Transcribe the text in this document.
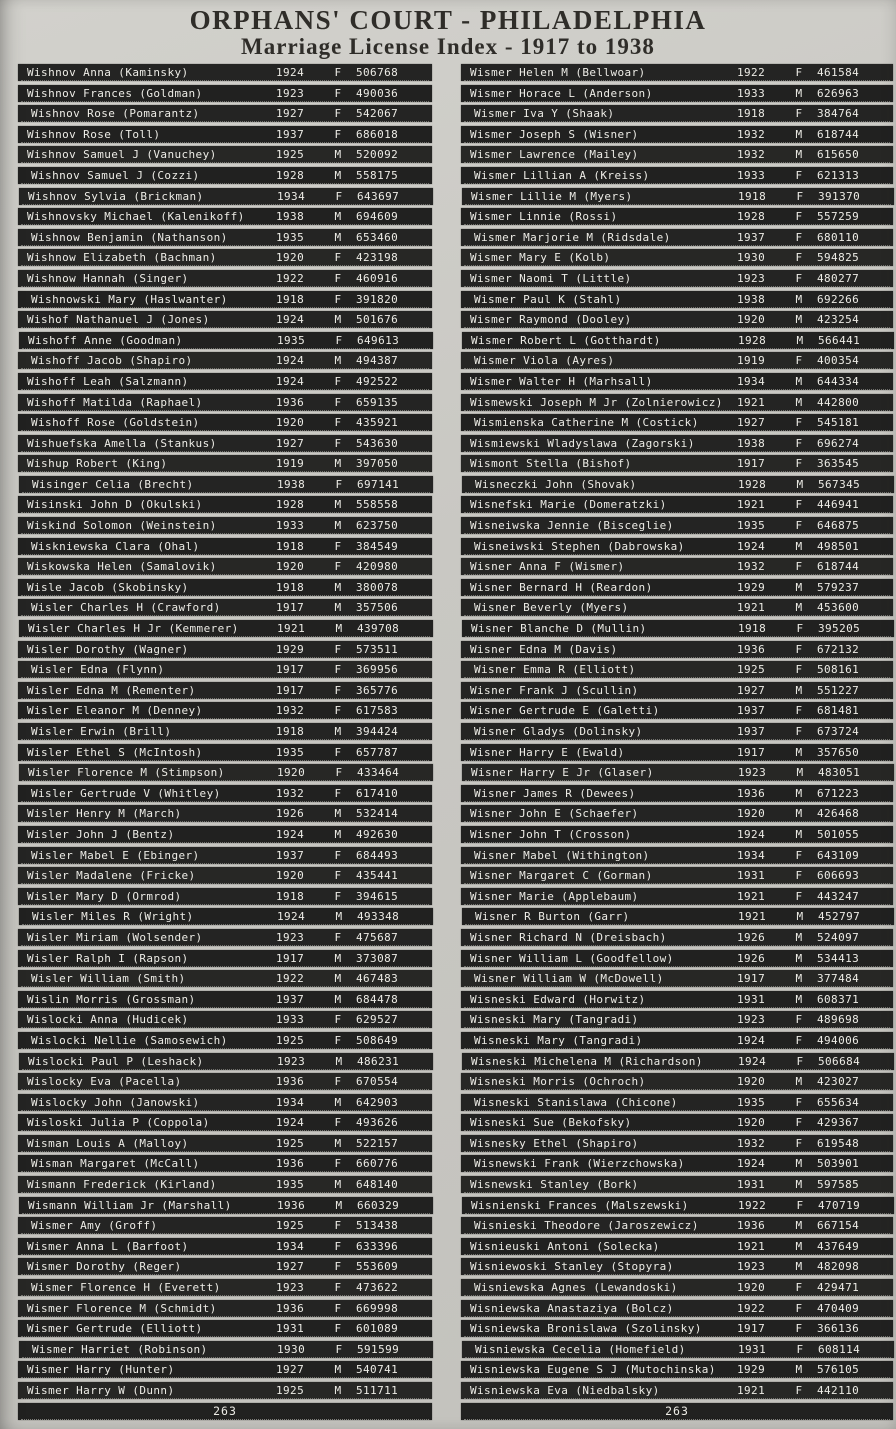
ORPHANS' COURT - PHILADELPHIA
Marriage License Index - 1917 to 1938
Wishnov Anna (Kaminsky)	1924	F	506768
Wishnov Frances (Goldman)	1923	F	490036
Wishnov Rose (Pomarantz)	1927	F	542067
Wishnov Rose (Toll)	1937	F	686018
Wishnov Samuel J (Vanuchey)	1925	M	520092
Wishnov Samuel J (Cozzi)	1928	M	558175
Wishnov Sylvia (Brickman)	1934	F	643697
Wishnovsky Michael (Kalenikoff)	1938	M	694609
Wishnow Benjamin (Nathanson)	1935	M	653460
Wishnow Elizabeth (Bachman)	1920	F	423198
Wishnow Hannah (Singer)	1922	F	460916
Wishnowski Mary (Haslwanter)	1918	F	391820
Wishof Nathanuel J (Jones)	1924	M	501676
Wishoff Anne (Goodman)	1935	F	649613
Wishoff Jacob (Shapiro)	1924	M	494387
Wishoff Leah (Salzmann)	1924	F	492522
Wishoff Matilda (Raphael)	1936	F	659135
Wishoff Rose (Goldstein)	1920	F	435921
Wishuefska Amella (Stankus)	1927	F	543630
Wishup Robert (King)	1919	M	397050
Wisinger Celia (Brecht)	1938	F	697141
Wisinski John D (Okulski)	1928	M	558558
Wiskind Solomon (Weinstein)	1933	M	623750
Wiskniewska Clara (Ohal)	1918	F	384549
Wiskowska Helen (Samalovik)	1920	F	420980
Wisle Jacob (Skobinsky)	1918	M	380078
Wisler Charles H (Crawford)	1917	M	357506
Wisler Charles H Jr (Kemmerer)	1921	M	439708
Wisler Dorothy (Wagner)	1929	F	573511
Wisler Edna (Flynn)	1917	F	369956
Wisler Edna M (Rementer)	1917	F	365776
Wisler Eleanor M (Denney)	1932	F	617583
Wisler Erwin (Brill)	1918	M	394424
Wisler Ethel S (McIntosh)	1935	F	657787
Wisler Florence M (Stimpson)	1920	F	433464
Wisler Gertrude V (Whitley)	1932	F	617410
Wisler Henry M (March)	1926	M	532414
Wisler John J (Bentz)	1924	M	492630
Wisler Mabel E (Ebinger)	1937	F	684493
Wisler Madalene (Fricke)	1920	F	435441
Wisler Mary D (Ormrod)	1918	F	394615
Wisler Miles R (Wright)	1924	M	493348
Wisler Miriam (Wolsender)	1923	F	475687
Wisler Ralph I (Rapson)	1917	M	373087
Wisler William (Smith)	1922	M	467483
Wislin Morris (Grossman)	1937	M	684478
Wislocki Anna (Hudicek)	1933	F	629527
Wislocki Nellie (Samosewich)	1925	F	508649
Wislocki Paul P (Leshack)	1923	M	486231
Wislocky Eva (Pacella)	1936	F	670554
Wislocky John (Janowski)	1934	M	642903
Wisloski Julia P (Coppola)	1924	F	493626
Wisman Louis A (Malloy)	1925	M	522157
Wisman Margaret (McCall)	1936	F	660776
Wismann Frederick (Kirland)	1935	M	648140
Wismann William Jr (Marshall)	1936	M	660329
Wismer Amy (Groff)	1925	F	513438
Wismer Anna L (Barfoot)	1934	F	633396
Wismer Dorothy (Reger)	1927	F	553609
Wismer Florence H (Everett)	1923	F	473622
Wismer Florence M (Schmidt)	1936	F	669998
Wismer Gertrude (Elliott)	1931	F	601089
Wismer Harriet (Robinson)	1930	F	591599
Wismer Harry (Hunter)	1927	M	540741
Wismer Harry W (Dunn)	1925	M	511711
263
Wismer Helen M (Bellwoar)	1922	F	461584
Wismer Horace L (Anderson)	1933	M	626963
Wismer Iva Y (Shaak)	1918	F	384764
Wismer Joseph S (Wisner)	1932	M	618744
Wismer Lawrence (Mailey)	1932	M	615650
Wismer Lillian A (Kreiss)	1933	F	621313
Wismer Lillie M (Myers)	1918	F	391370
Wismer Linnie (Rossi)	1928	F	557259
Wismer Marjorie M (Ridsdale)	1937	F	680110
Wismer Mary E (Kolb)	1930	F	594825
Wismer Naomi T (Little)	1923	F	480277
Wismer Paul K (Stahl)	1938	M	692266
Wismer Raymond (Dooley)	1920	M	423254
Wismer Robert L (Gotthardt)	1928	M	566441
Wismer Viola (Ayres)	1919	F	400354
Wismer Walter H (Marhsall)	1934	M	644334
Wismewski Joseph M Jr (Zolnierowicz)	1921	M	442800
Wismienska Catherine M (Costick)	1927	F	545181
Wismiewski Wladyslawa (Zagorski)	1938	F	696274
Wismont Stella (Bishof)	1917	F	363545
Wisneczki John (Shovak)	1928	M	567345
Wisnefski Marie (Domeratzki)	1921	F	446941
Wisneiwska Jennie (Bisceglie)	1935	F	646875
Wisneiwski Stephen (Dabrowska)	1924	M	498501
Wisner Anna F (Wismer)	1932	F	618744
Wisner Bernard H (Reardon)	1929	M	579237
Wisner Beverly (Myers)	1921	M	453600
Wisner Blanche D (Mullin)	1918	F	395205
Wisner Edna M (Davis)	1936	F	672132
Wisner Emma R (Elliott)	1925	F	508161
Wisner Frank J (Scullin)	1927	M	551227
Wisner Gertrude E (Galetti)	1937	F	681481
Wisner Gladys (Dolinsky)	1937	F	673724
Wisner Harry E (Ewald)	1917	M	357650
Wisner Harry E Jr (Glaser)	1923	M	483051
Wisner James R (Dewees)	1936	M	671223
Wisner John E (Schaefer)	1920	M	426468
Wisner John T (Crosson)	1924	M	501055
Wisner Mabel (Withington)	1934	F	643109
Wisner Margaret C (Gorman)	1931	F	606693
Wisner Marie (Applebaum)	1921	F	443247
Wisner R Burton (Garr)	1921	M	452797
Wisner Richard N (Dreisbach)	1926	M	524097
Wisner William L (Goodfellow)	1926	M	534413
Wisner William W (McDowell)	1917	M	377484
Wisneski Edward (Horwitz)	1931	M	608371
Wisneski Mary (Tangradi)	1923	F	489698
Wisneski Mary (Tangradi)	1924	F	494006
Wisneski Michelena M (Richardson)	1924	F	506684
Wisneski Morris (Ochroch)	1920	M	423027
Wisneski Stanislawa (Chicone)	1935	F	655634
Wisneski Sue (Bekofsky)	1920	F	429367
Wisnesky Ethel (Shapiro)	1932	F	619548
Wisnewski Frank (Wierzchowska)	1924	M	503901
Wisnewski Stanley (Bork)	1931	M	597585
Wisnienski Frances (Malszewski)	1922	F	470719
Wisnieski Theodore (Jaroszewicz)	1936	M	667154
Wisnieuski Antoni (Solecka)	1921	M	437649
Wisniewoski Stanley (Stopyra)	1923	M	482098
Wisniewska Agnes (Lewandoski)	1920	F	429471
Wisniewska Anastaziya (Bolcz)	1922	F	470409
Wisniewska Bronislawa (Szolinsky)	1917	F	366136
Wisniewska Cecelia (Homefield)	1931	F	608114
Wisniewska Eugene S J (Mutochinska)	1929	M	576105
Wisniewska Eva (Niedbalsky)	1921	F	442110
263
